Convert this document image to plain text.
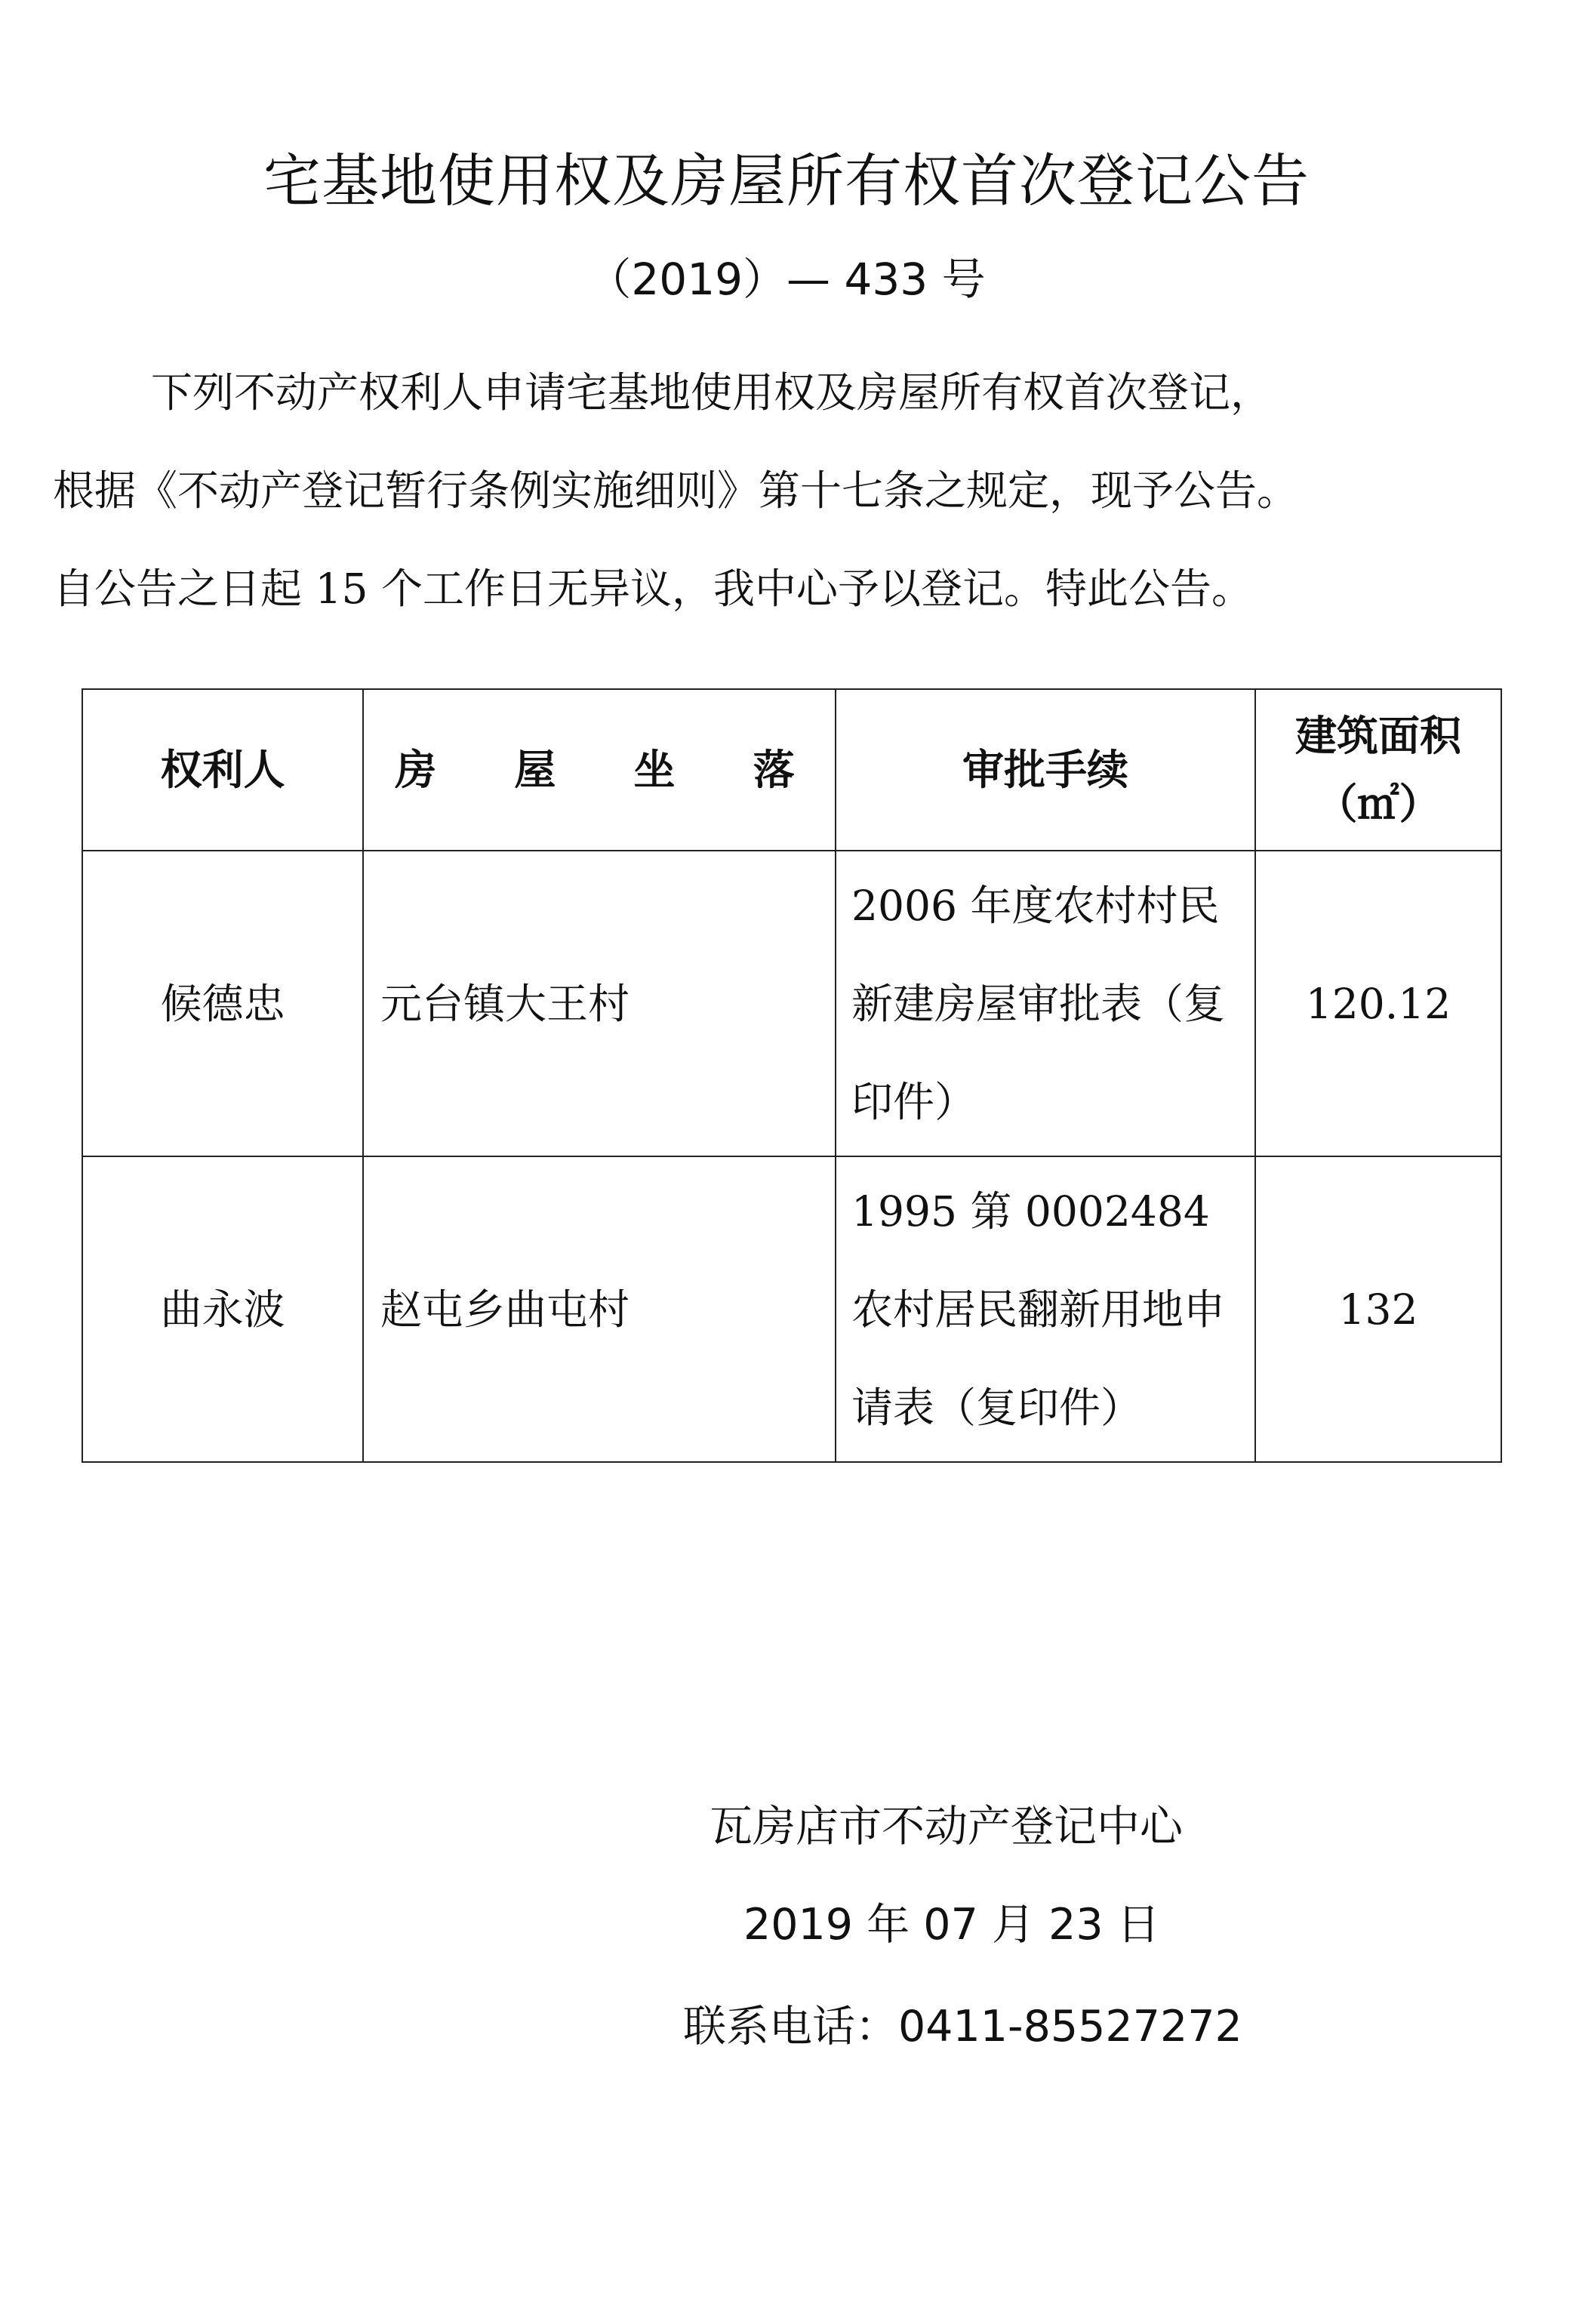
宅基地使用权及房屋所有权首次登记公告
（2019）— 433 号
下列不动产权利人申请宅基地使用权及房屋所有权首次登记，
根据《不动产登记暂行条例实施细则》第十七条之规定，现予公告。
自公告之日起 15 个工作日无异议，我中心予以登记。特此公告。
权利人	房 屋 坐 落	审批手续	建筑面积
（㎡）

候德忠	元台镇大王村	2006 年度农村村民新建房屋审批表（复印件）	120.12
曲永波	赵屯乡曲屯村	1995 第 0002484 农村居民翻新用地申请表（复印件）	132
瓦房店市不动产登记中心
2019 年 07 月 23 日
联系电话：0411-85527272
